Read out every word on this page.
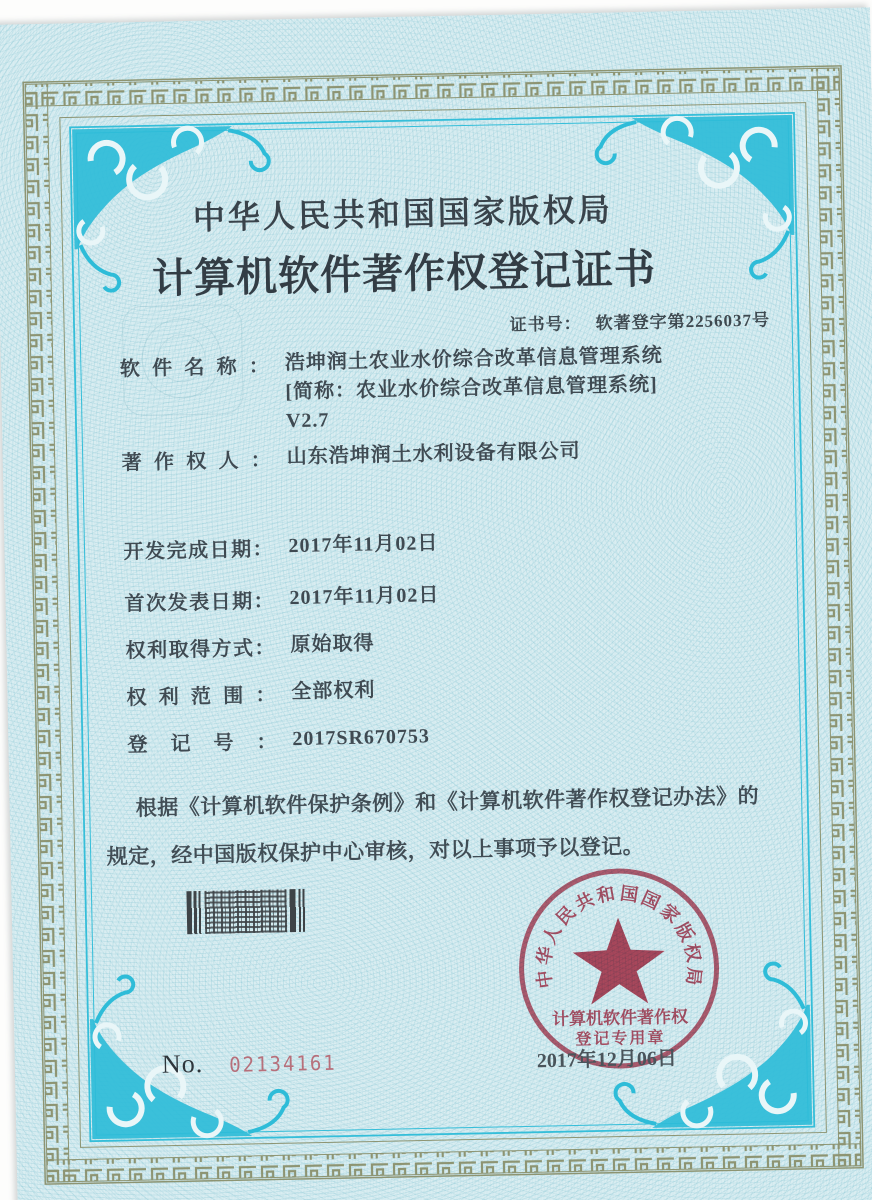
中华人民共和国国家版权局
计算机软件著作权登记证书
证书号： 软著登字第2256037号
软件名称： 浩坤润土农业水价综合改革信息管理系统
[简称：农业水价综合改革信息管理系统]
V2.7
著作权人： 山东浩坤润土水利设备有限公司
开发完成日期： 2017年11月02日
首次发表日期： 2017年11月02日
权利取得方式： 原始取得
权利范围： 全部权利
登记号： 2017SR670753
根据《计算机软件保护条例》和《计算机软件著作权登记办法》的
规定，经中国版权保护中心审核，对以上事项予以登记。
No. 02134161
中
华
人
民
共
和 国
国
家
版
权
局
计算机软件著作权
登记专用章
2017年12月06日
